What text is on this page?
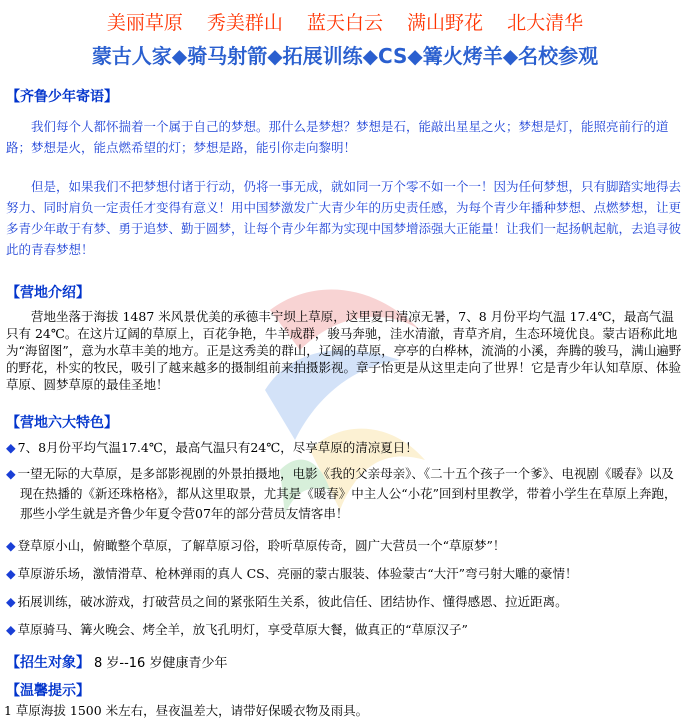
美丽草原 秀美群山 蓝天白云 满山野花 北大清华
蒙古人家◆骑马射箭◆拓展训练◆CS◆篝火烤羊◆名校参观
【齐鲁少年寄语】
我们每个人都怀揣着一个属于自己的梦想。那什么是梦想？梦想是石，能敲出星星之火；梦想是灯，能照亮前行的道路；梦想是火，能点燃希望的灯；梦想是路，能引你走向黎明！
但是，如果我们不把梦想付诸于行动，仍将一事无成，就如同一万个零不如一个一！因为任何梦想，只有脚踏实地得去努力、同时肩负一定责任才变得有意义！用中国梦激发广大青少年的历史责任感，为每个青少年播种梦想、点燃梦想，让更多青少年敢于有梦、勇于追梦、勤于圆梦，让每个青少年都为实现中国梦增添强大正能量！让我们一起扬帆起航，去追寻彼此的青春梦想！
【营地介绍】
营地坐落于海拔 1487 米风景优美的承德丰宁坝上草原，这里夏日清凉无暑，7、8 月份平均气温 17.4℃，最高气温只有 24℃。在这片辽阔的草原上，百花争艳，牛羊成群，骏马奔驰，洼水清澈，青草齐肩，生态环境优良。蒙古语称此地为“海留图”，意为水草丰美的地方。正是这秀美的群山，辽阔的草原，亭亭的白桦林，流淌的小溪，奔腾的骏马，满山遍野的野花，朴实的牧民，吸引了越来越多的摄制组前来拍摄影视。章子怡更是从这里走向了世界！它是青少年认知草原、体验草原、圆梦草原的最佳圣地！
【营地六大特色】
◆ 7、8月份平均气温17.4℃，最高气温只有24℃，尽享草原的清凉夏日！
◆ 一望无际的大草原，是多部影视剧的外景拍摄地，电影《我的父亲母亲》、《二十五个孩子一个爹》、电视剧《暖春》以及现在热播的《新还珠格格》，都从这里取景，尤其是《暖春》中主人公“小花”回到村里教学，带着小学生在草原上奔跑，那些小学生就是齐鲁少年夏令营07年的部分营员友情客串！
◆ 登草原小山，俯瞰整个草原，了解草原习俗，聆听草原传奇，圆广大营员一个“草原梦”！
◆ 草原游乐场，激情滑草、枪林弹雨的真人 CS、亮丽的蒙古服装、体验蒙古“大汗”弯弓射大雕的豪情！
◆ 拓展训练，破冰游戏，打破营员之间的紧张陌生关系，彼此信任、团结协作、懂得感恩、拉近距离。
◆ 草原骑马、篝火晚会、烤全羊，放飞孔明灯，享受草原大餐，做真正的“草原汉子”
【招生对象】 8 岁--16 岁健康青少年
【温馨提示】
1 草原海拔 1500 米左右，昼夜温差大，请带好保暖衣物及雨具。
